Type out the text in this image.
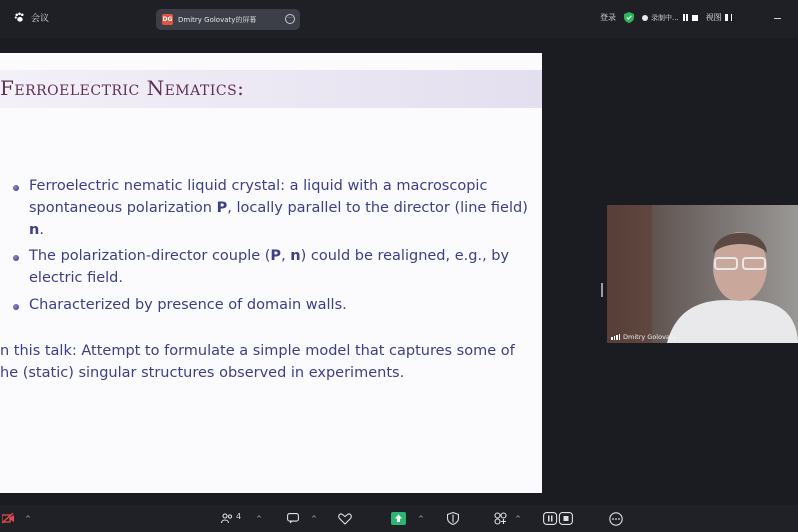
会议	DG Dmitry Golovaty的屏幕	···	登录	录制中...	视图
Ferroelectric Nematics:
Ferroelectric nematic liquid crystal: a liquid with a macroscopic
spontaneous polarization P, locally parallel to the director (line field)
n.
The polarization-director couple (P, n) could be realigned, e.g., by
electric field.
Characterized by presence of domain walls.
n this talk: Attempt to formulate a simple model that captures some of
he (static) singular structures observed in experiments.
Dmitry Golovaty
^	4 ^	^	^	^
